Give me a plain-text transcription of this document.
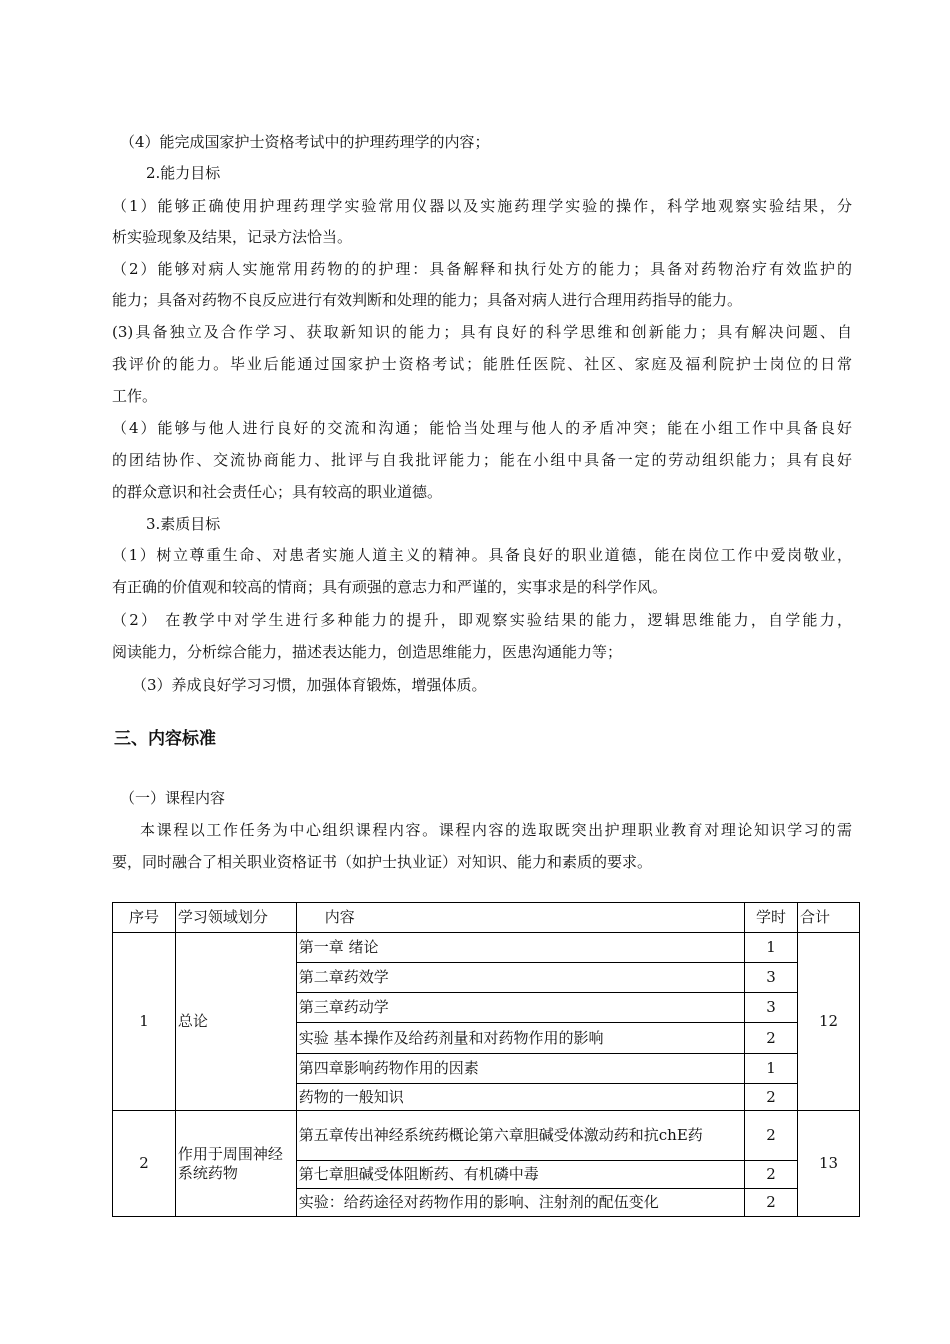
（4）能完成国家护士资格考试中的护理药理学的内容；
2.能力目标
（1）能够正确使用护理药理学实验常用仪器以及实施药理学实验的操作，科学地观察实验结果，分
析实验现象及结果，记录方法恰当。
（2）能够对病人实施常用药物的的护理：具备解释和执行处方的能力；具备对药物治疗有效监护的
能力；具备对药物不良反应进行有效判断和处理的能力；具备对病人进行合理用药指导的能力。
(3)具备独立及合作学习、获取新知识的能力；具有良好的科学思维和创新能力；具有解决问题、自
我评价的能力。毕业后能通过国家护士资格考试；能胜任医院、社区、家庭及福利院护士岗位的日常
工作。
（4）能够与他人进行良好的交流和沟通；能恰当处理与他人的矛盾冲突；能在小组工作中具备良好
的团结协作、交流协商能力、批评与自我批评能力；能在小组中具备一定的劳动组织能力；具有良好
的群众意识和社会责任心；具有较高的职业道德。
3.素质目标
（1）树立尊重生命、对患者实施人道主义的精神。具备良好的职业道德，能在岗位工作中爱岗敬业，
有正确的价值观和较高的情商；具有顽强的意志力和严谨的，实事求是的科学作风。
（2） 在教学中对学生进行多种能力的提升，即观察实验结果的能力，逻辑思维能力，自学能力，
阅读能力，分析综合能力，描述表达能力，创造思维能力，医患沟通能力等；
（3）养成良好学习习惯，加强体育锻炼，增强体质。
三、内容标准
（一）课程内容
本课程以工作任务为中心组织课程内容。课程内容的选取既突出护理职业教育对理论知识学习的需
要，同时融合了相关职业资格证书（如护士执业证）对知识、能力和素质的要求。
序号	学习领域划分	内容	学时	合计
1	总论	第一章 绪论	1	12
		第二章药效学	3	
		第三章药动学	3	
		实验 基本操作及给药剂量和对药物作用的影响	2	
		第四章影响药物作用的因素	1	
		药物的一般知识	2	
2	作用于周围神经系统药物	第五章传出神经系统药概论第六章胆碱受体激动药和抗chE药	2	13
		第七章胆碱受体阻断药、有机磷中毒	2	
		实验：给药途径对药物作用的影响、注射剂的配伍变化	2	
